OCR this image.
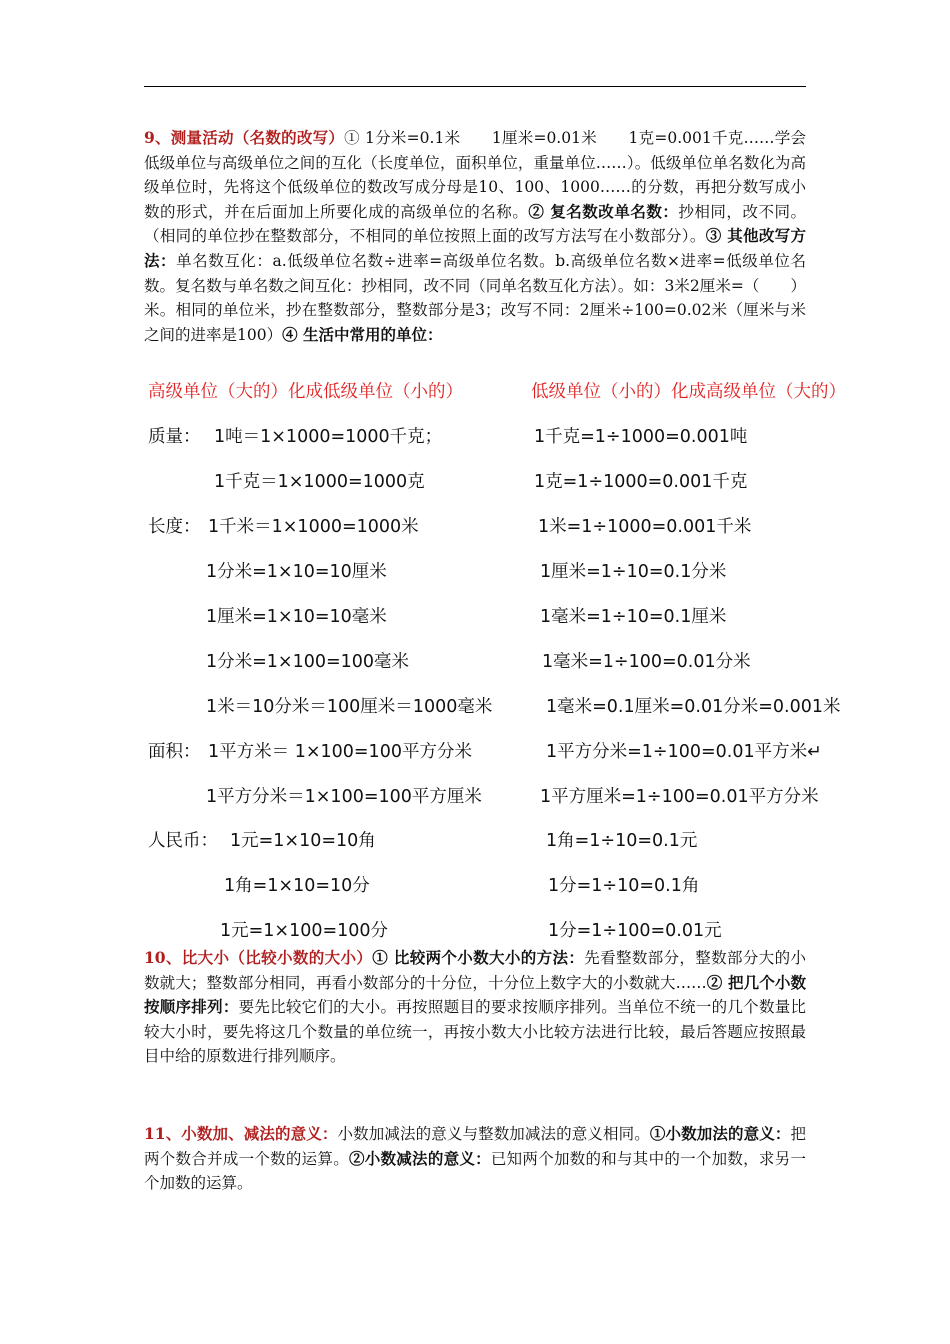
9、测量活动（名数的改写）① 1分米=0.1米　　1厘米=0.01米　　1克=0.001千克……学会低级单位与高级单位之间的互化（长度单位，面积单位，重量单位……）。低级单位单名数化为高级单位时，先将这个低级单位的数改写成分母是10、100、1000……的分数，再把分数写成小数的形式，并在后面加上所要化成的高级单位的名称。② 复名数改单名数：抄相同，改不同。（相同的单位抄在整数部分，不相同的单位按照上面的改写方法写在小数部分）。③ 其他改写方法：单名数互化：a.低级单位名数÷进率=高级单位名数。b.高级单位名数×进率=低级单位名数。复名数与单名数之间互化：抄相同，改不同（同单名数互化方法）。如：3米2厘米=（　　）米。相同的单位米，抄在整数部分，整数部分是3；改写不同：2厘米÷100=0.02米（厘米与米之间的进率是100）④ 生活中常用的单位：
高级单位（大的）化成低级单位（小的）	低级单位（小的）化成高级单位（大的）
质量：
长度：
面积：
人民币：
1吨＝1×1000=1000千克；
1千克＝1×1000=1000克
1千米＝1×1000=1000米
1分米=1×10=10厘米
1厘米=1×10=10毫米
1分米=1×100=100毫米
1米＝10分米＝100厘米＝1000毫米
1平方米＝ 1×100=100平方分米
1平方分米＝1×100=100平方厘米
1元=1×10=10角
1角=1×10=10分
1元=1×100=100分
1千克=1÷1000=0.001吨
1克=1÷1000=0.001千克
1米=1÷1000=0.001千米
1厘米=1÷10=0.1分米
1毫米=1÷10=0.1厘米
1毫米=1÷100=0.01分米
1毫米=0.1厘米=0.01分米=0.001米
1平方分米=1÷100=0.01平方米↵
1平方厘米=1÷100=0.01平方分米
1角=1÷10=0.1元
1分=1÷10=0.1角
1分=1÷100=0.01元
10、比大小（比较小数的大小）① 比较两个小数大小的方法：先看整数部分，整数部分大的小数就大；整数部分相同，再看小数部分的十分位，十分位上数字大的小数就大……② 把几个小数按顺序排列：要先比较它们的大小。再按照题目的要求按顺序排列。当单位不统一的几个数量比较大小时，要先将这几个数量的单位统一，再按小数大小比较方法进行比较，最后答题应按照最目中给的原数进行排列顺序。
11、小数加、减法的意义：小数加减法的意义与整数加减法的意义相同。①小数加法的意义：把两个数合并成一个数的运算。②小数减法的意义：已知两个加数的和与其中的一个加数，求另一个加数的运算。
